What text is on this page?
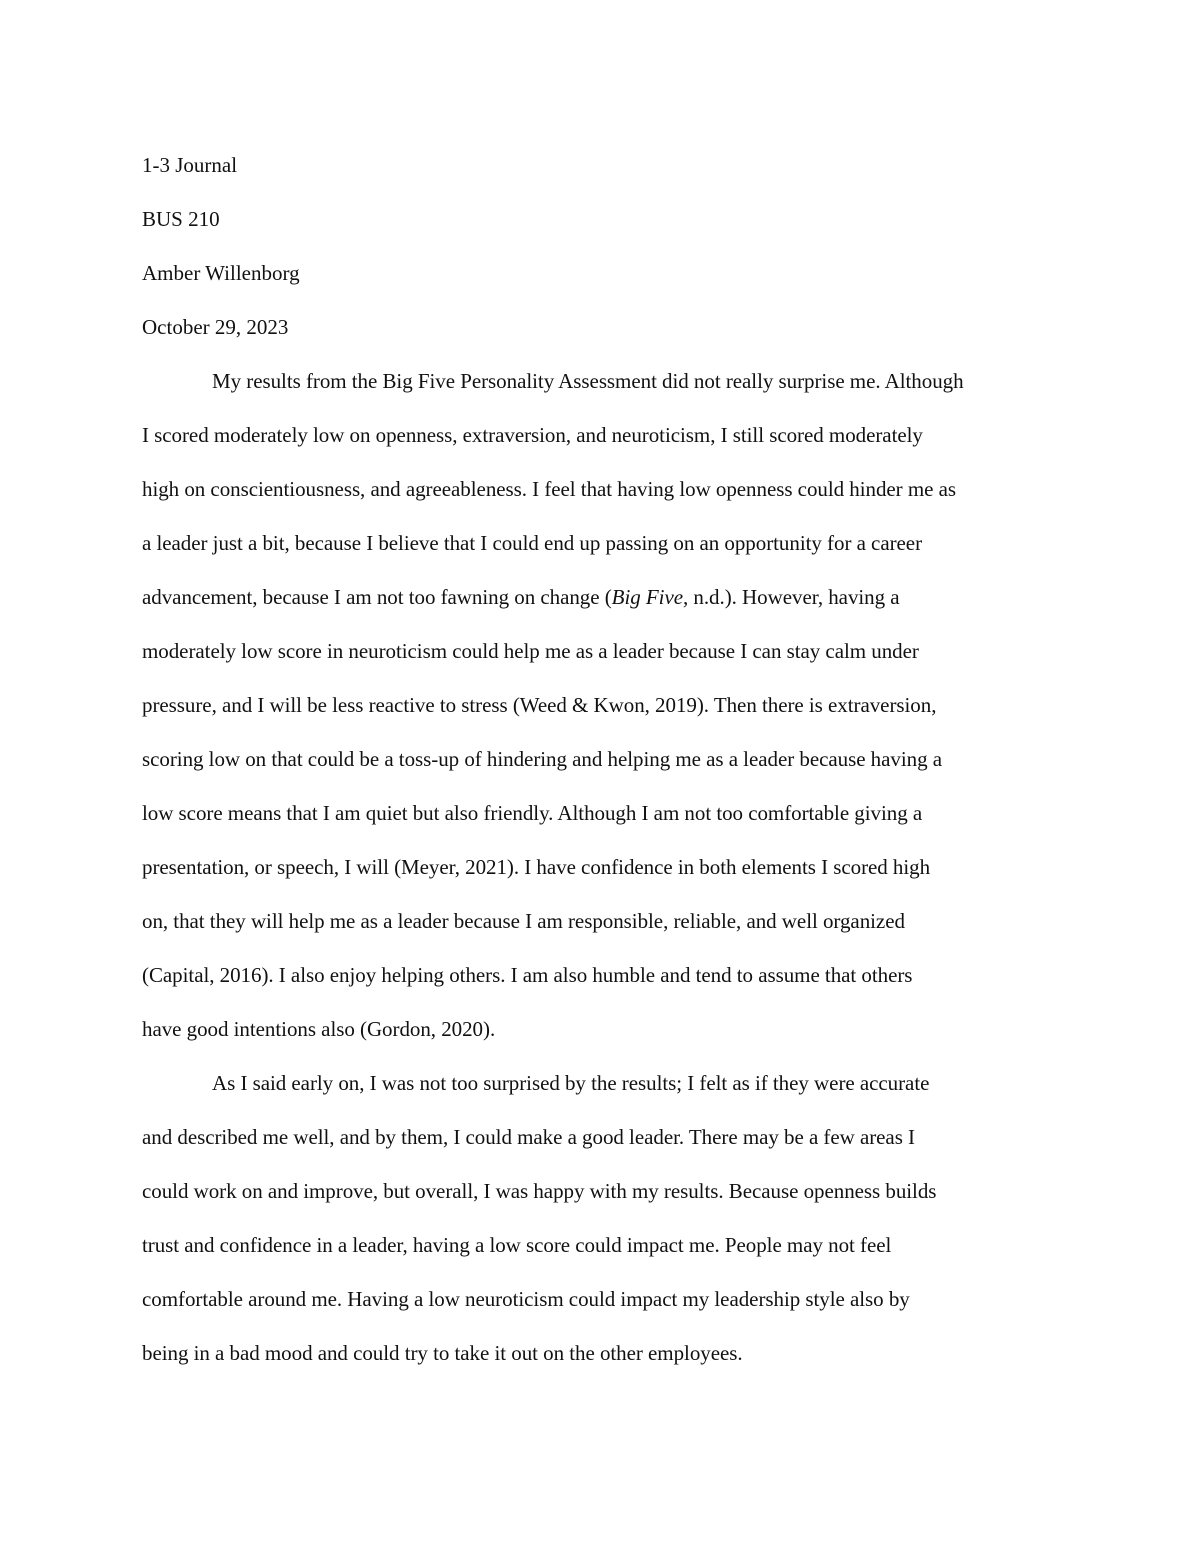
1-3 Journal

BUS 210

Amber Willenborg

October 29, 2023

My results from the Big Five Personality Assessment did not really surprise me. Although
I scored moderately low on openness, extraversion, and neuroticism, I still scored moderately
high on conscientiousness, and agreeableness. I feel that having low openness could hinder me as
a leader just a bit, because I believe that I could end up passing on an opportunity for a career
advancement, because I am not too fawning on change (Big Five, n.d.). However, having a
moderately low score in neuroticism could help me as a leader because I can stay calm under
pressure, and I will be less reactive to stress (Weed & Kwon, 2019). Then there is extraversion,
scoring low on that could be a toss-up of hindering and helping me as a leader because having a
low score means that I am quiet but also friendly. Although I am not too comfortable giving a
presentation, or speech, I will (Meyer, 2021). I have confidence in both elements I scored high
on, that they will help me as a leader because I am responsible, reliable, and well organized
(Capital, 2016). I also enjoy helping others. I am also humble and tend to assume that others
have good intentions also (Gordon, 2020).

As I said early on, I was not too surprised by the results; I felt as if they were accurate
and described me well, and by them, I could make a good leader. There may be a few areas I
could work on and improve, but overall, I was happy with my results. Because openness builds
trust and confidence in a leader, having a low score could impact me. People may not feel
comfortable around me. Having a low neuroticism could impact my leadership style also by
being in a bad mood and could try to take it out on the other employees.
